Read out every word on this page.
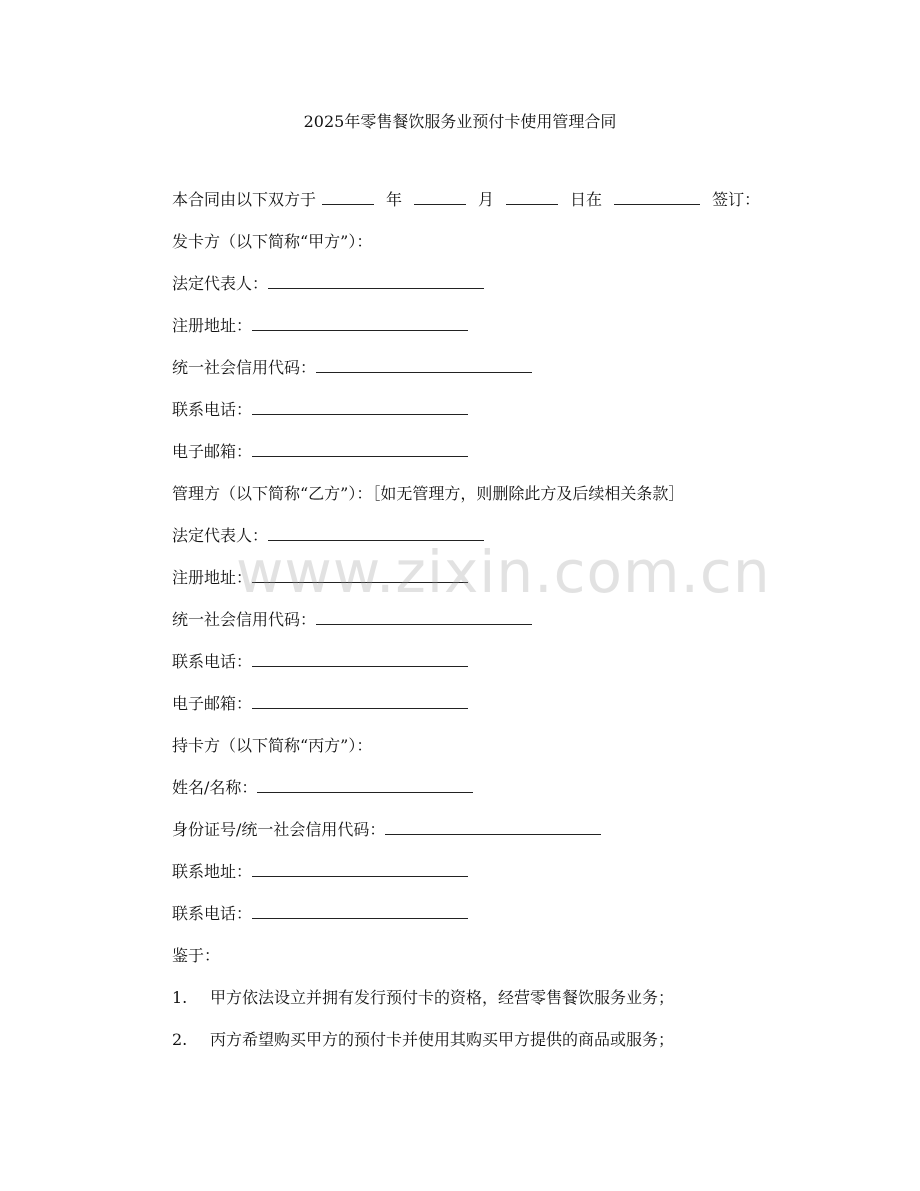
2025年零售餐饮服务业预付卡使用管理合同
本合同由以下双方于	年	月	日在	签订：
发卡方（以下简称“甲方”）：
法定代表人：
注册地址：
统一社会信用代码：
联系电话：
电子邮箱：
管理方（以下简称“乙方”）：［如无管理方，则删除此方及后续相关条款］
法定代表人：
注册地址：
统一社会信用代码：
联系电话：
电子邮箱：
持卡方（以下简称“丙方”）：
姓名/名称：
身份证号/统一社会信用代码：
联系地址：
联系电话：
鉴于：
1. 甲方依法设立并拥有发行预付卡的资格，经营零售餐饮服务业务；
2. 丙方希望购买甲方的预付卡并使用其购买甲方提供的商品或服务；
www.zixin.com.cn
